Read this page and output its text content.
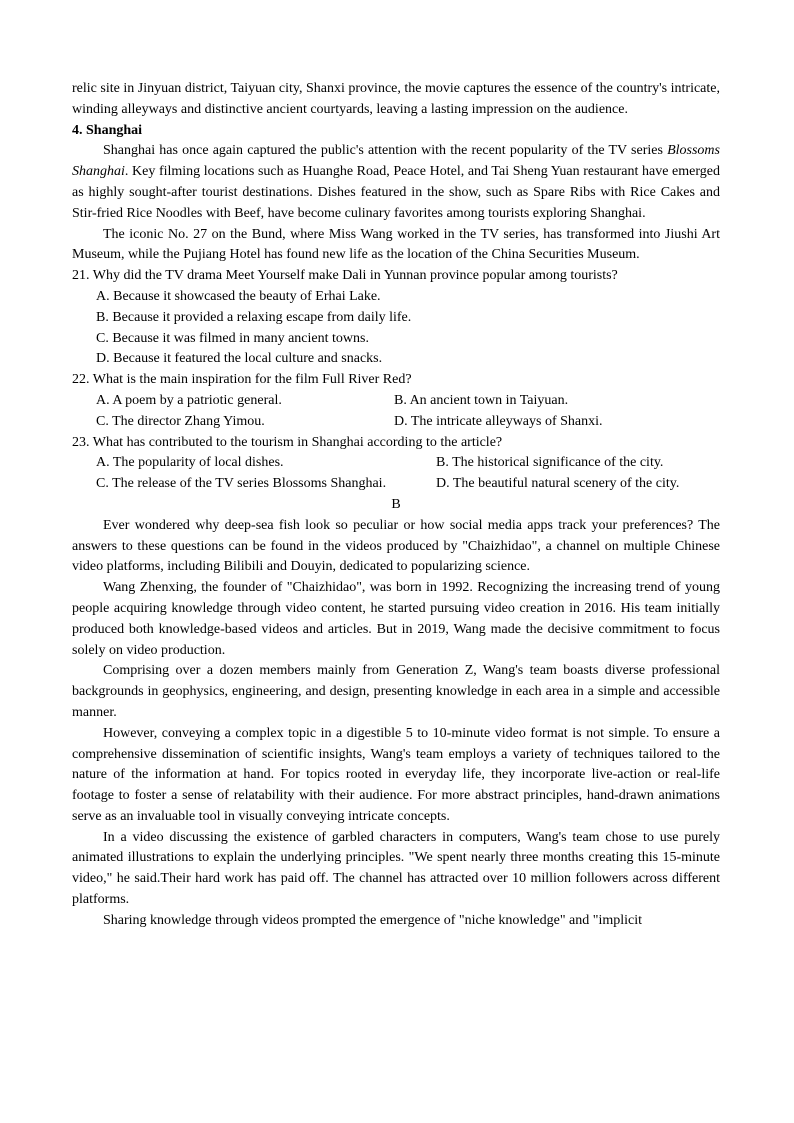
relic site in Jinyuan district, Taiyuan city, Shanxi province, the movie captures the essence of the country's intricate, winding alleyways and distinctive ancient courtyards, leaving a lasting impression on the audience.

4. Shanghai

Shanghai has once again captured the public's attention with the recent popularity of the TV series Blossoms Shanghai. Key filming locations such as Huanghe Road, Peace Hotel, and Tai Sheng Yuan restaurant have emerged as highly sought-after tourist destinations. Dishes featured in the show, such as Spare Ribs with Rice Cakes and Stir-fried Rice Noodles with Beef, have become culinary favorites among tourists exploring Shanghai.

The iconic No. 27 on the Bund, where Miss Wang worked in the TV series, has transformed into Jiushi Art Museum, while the Pujiang Hotel has found new life as the location of the China Securities Museum.

21. Why did the TV drama Meet Yourself make Dali in Yunnan province popular among tourists?

A. Because it showcased the beauty of Erhai Lake.

B. Because it provided a relaxing escape from daily life.

C. Because it was filmed in many ancient towns.

D. Because it featured the local culture and snacks.

22. What is the main inspiration for the film Full River Red?

A. A poem by a patriotic general.	B. An ancient town in Taiyuan.
C. The director Zhang Yimou.	D. The intricate alleyways of Shanxi.

23. What has contributed to the tourism in Shanghai according to the article?

A. The popularity of local dishes.	B. The historical significance of the city.
C. The release of the TV series Blossoms Shanghai.	D. The beautiful natural scenery of the city.

B

Ever wondered why deep-sea fish look so peculiar or how social media apps track your preferences? The answers to these questions can be found in the videos produced by "Chaizhidao", a channel on multiple Chinese video platforms, including Bilibili and Douyin, dedicated to popularizing science.

Wang Zhenxing, the founder of "Chaizhidao", was born in 1992. Recognizing the increasing trend of young people acquiring knowledge through video content, he started pursuing video creation in 2016. His team initially produced both knowledge-based videos and articles. But in 2019, Wang made the decisive commitment to focus solely on video production.

Comprising over a dozen members mainly from Generation Z, Wang's team boasts diverse professional backgrounds in geophysics, engineering, and design, presenting knowledge in each area in a simple and accessible manner.

However, conveying a complex topic in a digestible 5 to 10-minute video format is not simple. To ensure a comprehensive dissemination of scientific insights, Wang's team employs a variety of techniques tailored to the nature of the information at hand. For topics rooted in everyday life, they incorporate live-action or real-life footage to foster a sense of relatability with their audience. For more abstract principles, hand-drawn animations serve as an invaluable tool in visually conveying intricate concepts.

In a video discussing the existence of garbled characters in computers, Wang's team chose to use purely animated illustrations to explain the underlying principles. "We spent nearly three months creating this 15-minute video," he said.Their hard work has paid off. The channel has attracted over 10 million followers across different platforms.

Sharing knowledge through videos prompted the emergence of "niche knowledge" and "implicit
